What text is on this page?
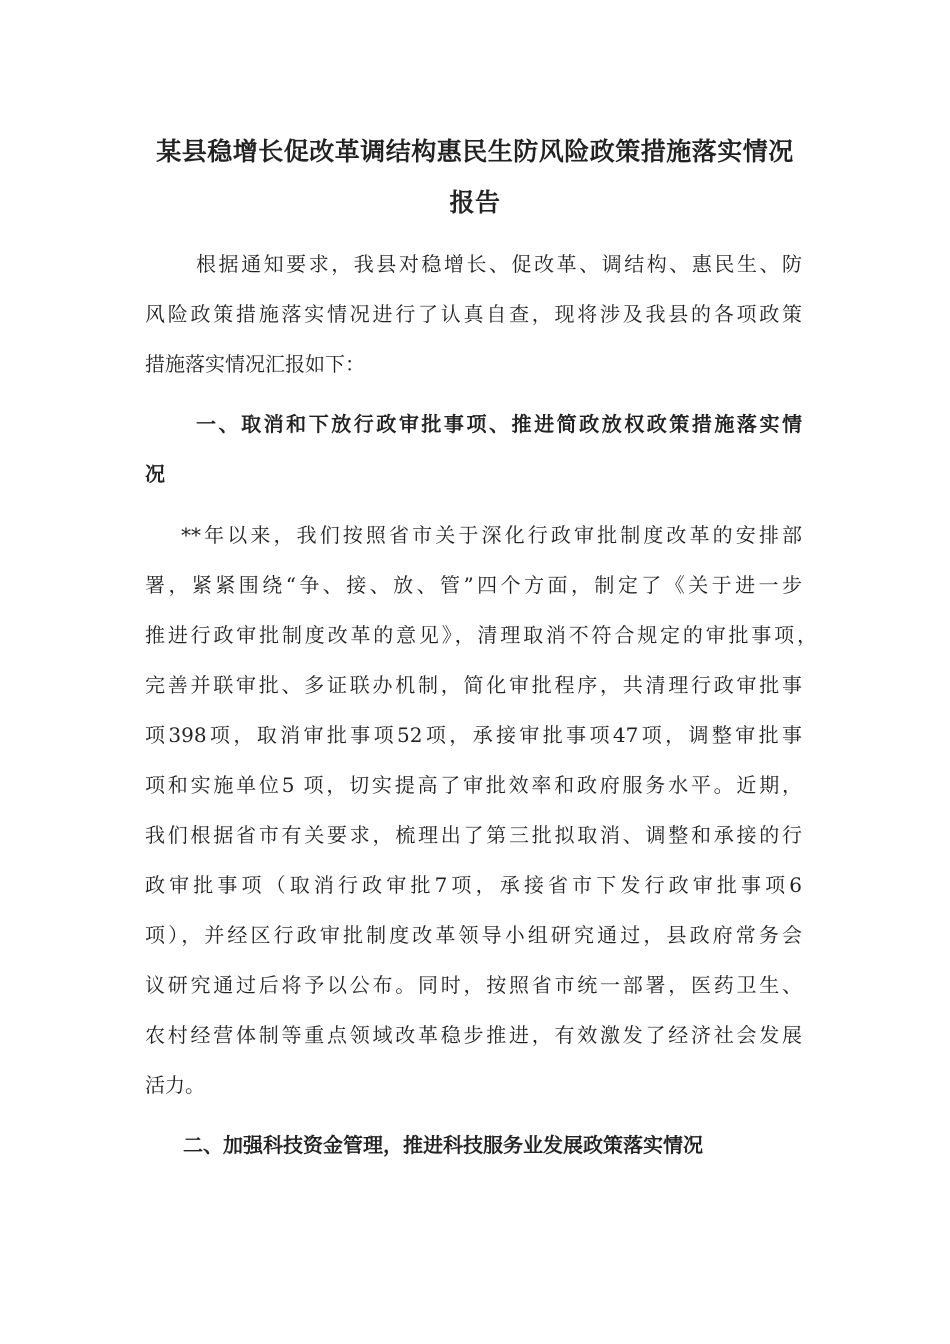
某县稳增长促改革调结构惠民生防风险政策措施落实情况
报告
根据通知要求，我县对稳增长、促改革、调结构、惠民生、防
风险政策措施落实情况进行了认真自查，现将涉及我县的各项政策
措施落实情况汇报如下：
一、取消和下放行政审批事项、推进简政放权政策措施落实情
况
**年以来，我们按照省市关于深化行政审批制度改革的安排部
署，紧紧围绕“争、接、放、管”四个方面，制定了《关于进一步
推进行政审批制度改革的意见》，清理取消不符合规定的审批事项，
完善并联审批、多证联办机制，简化审批程序，共清理行政审批事
项398项，取消审批事项52项，承接审批事项47项，调整审批事
项和实施单位5 项，切实提高了审批效率和政府服务水平。近期，
我们根据省市有关要求，梳理出了第三批拟取消、调整和承接的行
政审批事项（取消行政审批7项，承接省市下发行政审批事项6
项），并经区行政审批制度改革领导小组研究通过，县政府常务会
议研究通过后将予以公布。同时，按照省市统一部署，医药卫生、
农村经营体制等重点领域改革稳步推进，有效激发了经济社会发展
活力。
二、加强科技资金管理，推进科技服务业发展政策落实情况
